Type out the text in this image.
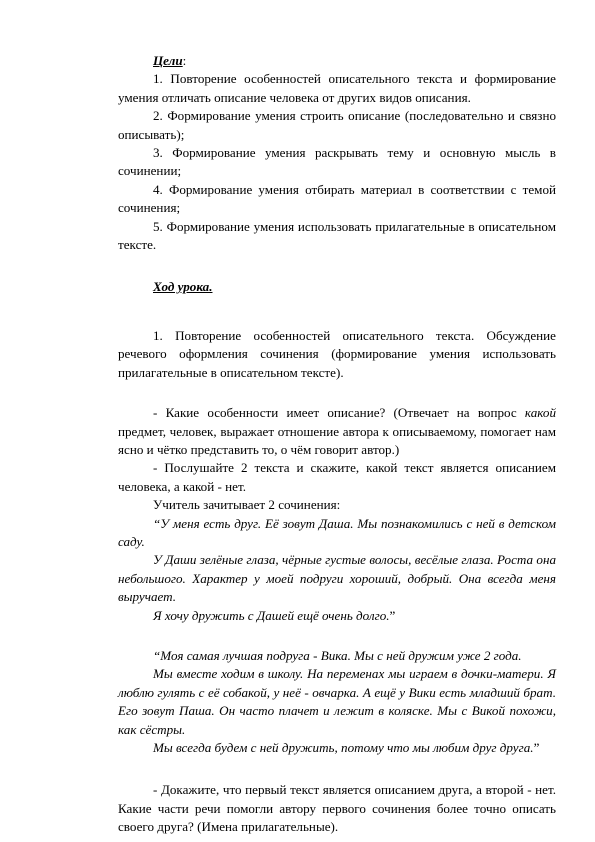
Цели:

1. Повторение особенностей описательного текста и формирование умения отличать описание человека от других видов описания.

2. Формирование умения строить описание (последовательно и связно описывать);

3. Формирование умения раскрывать тему и основную мысль в сочинении;

4. Формирование умения отбирать материал в соответствии с темой сочинения;

5. Формирование умения использовать прилагательные в описательном тексте.

Ход урока.

1. Повторение особенностей описательного текста. Обсуждение речевого оформления сочинения (формирование умения использовать прилагательные в описательном тексте).

- Какие особенности имеет описание? (Отвечает на вопрос какой предмет, человек, выражает отношение автора к описываемому, помогает нам ясно и чётко представить то, о чём говорит автор.)

- Послушайте 2 текста и скажите, какой текст является описанием человека, а какой - нет.

Учитель зачитывает 2 сочинения:

“У меня есть друг. Её зовут Даша. Мы познакомились с ней в детском саду.

У Даши зелёные глаза, чёрные густые волосы, весёлые глаза. Роста она небольшого. Характер у моей подруги хороший, добрый. Она всегда меня выручает.

Я хочу дружить с Дашей ещё очень долго.”

“Моя самая лучшая подруга - Вика. Мы с ней дружим уже 2 года.

Мы вместе ходим в школу. На переменах мы играем в дочки-матери. Я люблю гулять с её собакой, у неё - овчарка. А ещё у Вики есть младший брат. Его зовут Паша. Он часто плачет и лежит в коляске. Мы с Викой похожи, как сёстры.

Мы всегда будем с ней дружить, потому что мы любим друг друга.”

- Докажите, что первый текст является описанием друга, а второй - нет. Какие части речи помогли автору первого сочинения более точно описать своего друга? (Имена прилагательные).
